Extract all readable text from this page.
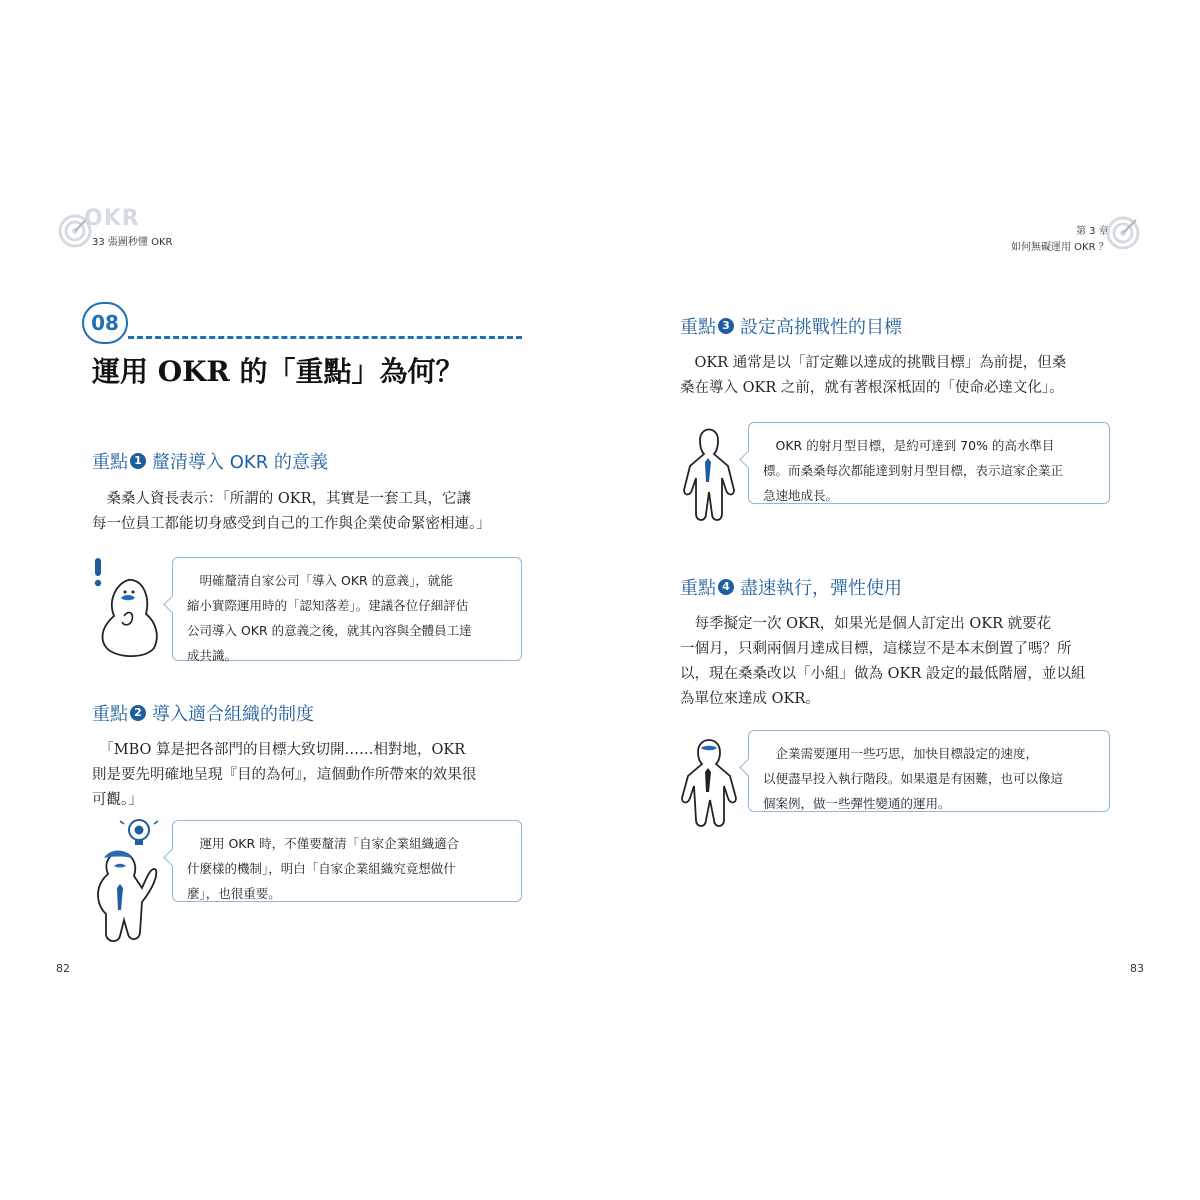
OKR
33 張圖秒懂 OKR
第 3 章
如何無礙運用 OKR ？
08
運用 OKR 的「重點」為何？
重點 1 釐清導入 OKR 的意義
　桑桑人資長表示：「所謂的 OKR，其實是一套工具，它讓
每一位員工都能切身感受到自己的工作與企業使命緊密相連。」
　明確釐清自家公司「導入 OKR 的意義」，就能
縮小實際運用時的「認知落差」。建議各位仔細評估
公司導入 OKR 的意義之後，就其內容與全體員工達
成共識。
重點 2 導入適合組織的制度
　「MBO 算是把各部門的目標大致切開……相對地，OKR
則是要先明確地呈現『目的為何』，這個動作所帶來的效果很
可觀。」
　運用 OKR 時，不僅要釐清「自家企業組織適合
什麼樣的機制」，明白「自家企業組織究竟想做什
麼」，也很重要。
82
重點 3 設定高挑戰性的目標
　OKR 通常是以「訂定難以達成的挑戰目標」為前提，但桑
桑在導入 OKR 之前，就有著根深柢固的「使命必達文化」。
　OKR 的射月型目標，是約可達到 70% 的高水準目
標。而桑桑每次都能達到射月型目標，表示這家企業正
急速地成長。
重點 4 盡速執行，彈性使用
　每季擬定一次 OKR，如果光是個人訂定出 OKR 就要花
一個月，只剩兩個月達成目標，這樣豈不是本末倒置了嗎？所
以，現在桑桑改以「小組」做為 OKR 設定的最低階層，並以組
為單位來達成 OKR。
　企業需要運用一些巧思，加快目標設定的速度，
以便盡早投入執行階段。如果還是有困難，也可以像這
個案例，做一些彈性變通的運用。
83
